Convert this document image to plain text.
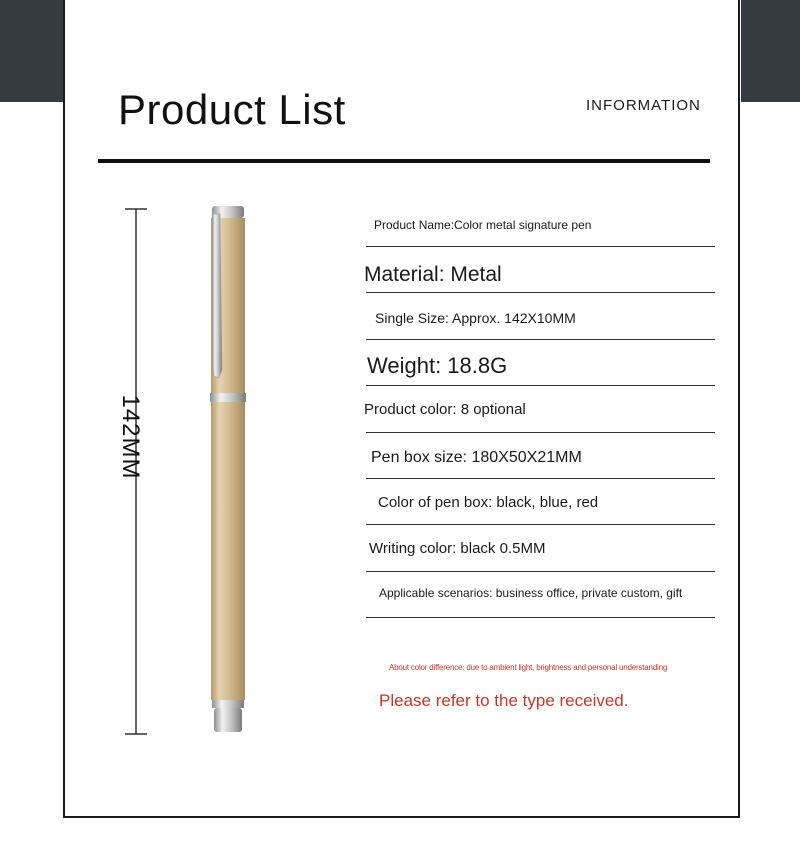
Product List	INFORMATION
142MM
Product Name:Color metal signature pen
Material: Metal
Single Size: Approx. 142X10MM
Weight: 18.8G
Product color: 8 optional
Pen box size: 180X50X21MM
Color of pen box: black, blue, red
Writing color: black 0.5MM
Applicable scenarios: business office, private custom, gift
About color difference: due to ambient light, brightness and personal understanding
Please refer to the type received.
